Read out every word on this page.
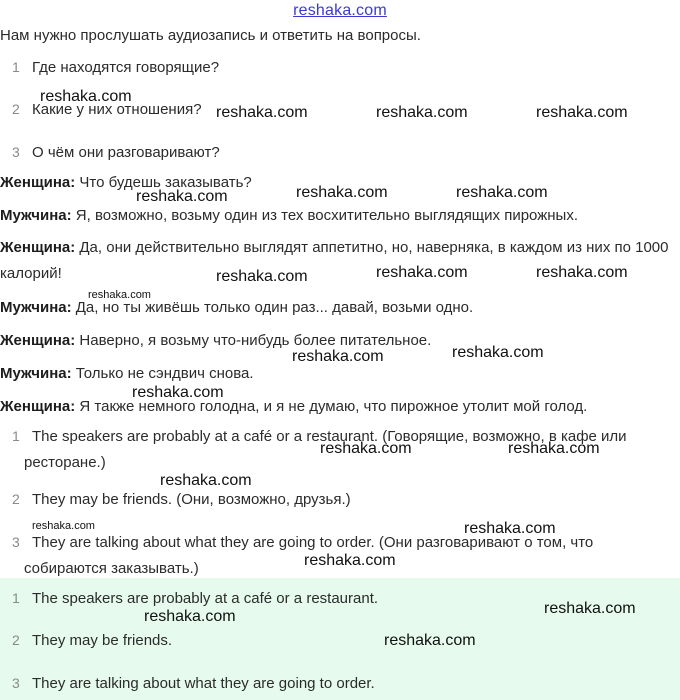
reshaka.com
Нам нужно прослушать аудиозапись и ответить на вопросы.
1 Где находятся говорящие?
2 Какие у них отношения?
3 О чём они разговаривают?
Женщина: Что будешь заказывать?
Мужчина: Я, возможно, возьму один из тех восхитительно выглядящих пирожных.
Женщина: Да, они действительно выглядят аппетитно, но, наверняка, в каждом из них по 1000 калорий!
Мужчина: Да, но ты живёшь только один раз... давай, возьми одно.
Женщина: Наверно, я возьму что-нибудь более питательное.
Мужчина: Только не сэндвич снова.
Женщина: Я также немного голодна, и я не думаю, что пирожное утолит мой голод.
1 The speakers are probably at a café or a restaurant. (Говорящие, возможно, в кафе или ресторане.)
2 They may be friends. (Они, возможно, друзья.)
3 They are talking about what they are going to order. (Они разговаривают о том, что собираются заказывать.)
1 The speakers are probably at a café or a restaurant.
2 They may be friends.
3 They are talking about what they are going to order.
reshaka.com
reshaka.com	reshaka.com	reshaka.com
reshaka.com	reshaka.com	reshaka.com
reshaka.com	reshaka.com	reshaka.com
reshaka.com
reshaka.com	reshaka.com
reshaka.com
reshaka.com	reshaka.com
reshaka.com
reshaka.com	reshaka.com
reshaka.com
reshaka.com
reshaka.com
reshaka.com
